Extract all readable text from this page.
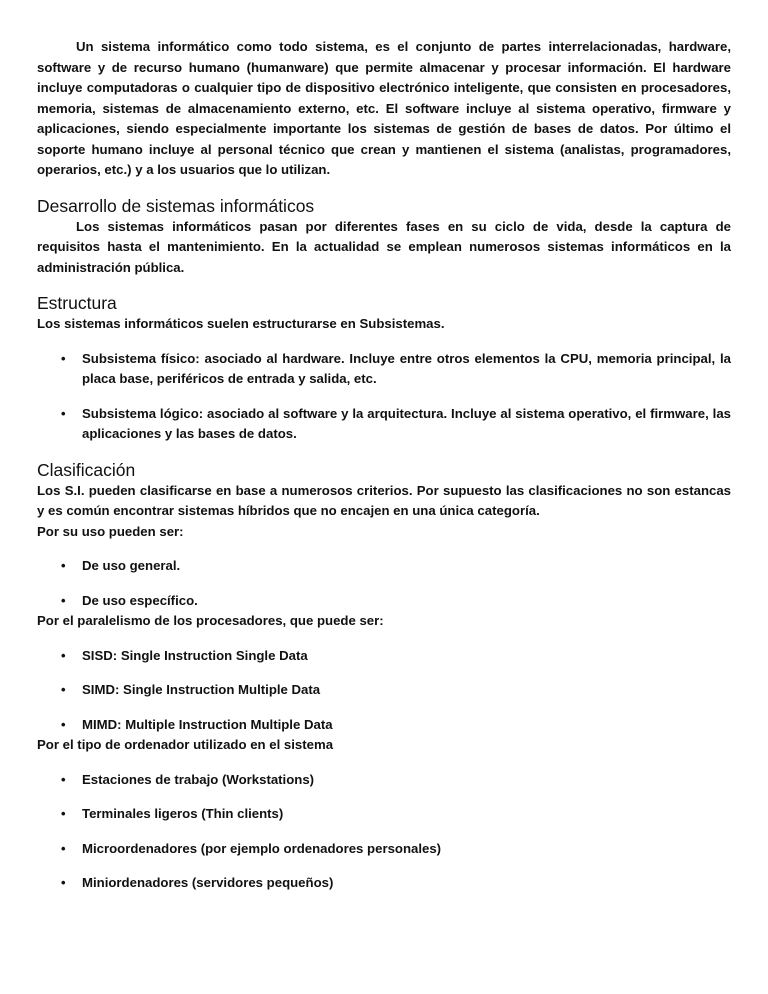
Un sistema informático como todo sistema, es el conjunto de partes interrelacionadas, hardware, software y de recurso humano (humanware) que permite almacenar y procesar información. El hardware incluye computadoras o cualquier tipo de dispositivo electrónico inteligente, que consisten en procesadores, memoria, sistemas de almacenamiento externo, etc. El software incluye al sistema operativo, firmware y aplicaciones, siendo especialmente importante los sistemas de gestión de bases de datos. Por último el soporte humano incluye al personal técnico que crean y mantienen el sistema (analistas, programadores, operarios, etc.) y a los usuarios que lo utilizan.

Desarrollo de sistemas informáticos

Los sistemas informáticos pasan por diferentes fases en su ciclo de vida, desde la captura de requisitos hasta el mantenimiento. En la actualidad se emplean numerosos sistemas informáticos en la administración pública.

Estructura

Los sistemas informáticos suelen estructurarse en Subsistemas.

• Subsistema físico: asociado al hardware. Incluye entre otros elementos la CPU, memoria principal, la placa base, periféricos de entrada y salida, etc.
• Subsistema lógico: asociado al software y la arquitectura. Incluye al sistema operativo, el firmware, las aplicaciones y las bases de datos.
Clasificación

Los S.I. pueden clasificarse en base a numerosos criterios. Por supuesto las clasificaciones no son estancas y es común encontrar sistemas híbridos que no encajen en una única categoría.

Por su uso pueden ser:

• De uso general.
• De uso específico.

Por el paralelismo de los procesadores, que puede ser:

• SISD: Single Instruction Single Data
• SIMD: Single Instruction Multiple Data
• MIMD: Multiple Instruction Multiple Data

Por el tipo de ordenador utilizado en el sistema

• Estaciones de trabajo (Workstations)
• Terminales ligeros (Thin clients)
• Microordenadores (por ejemplo ordenadores personales)
• Miniordenadores (servidores pequeños)
